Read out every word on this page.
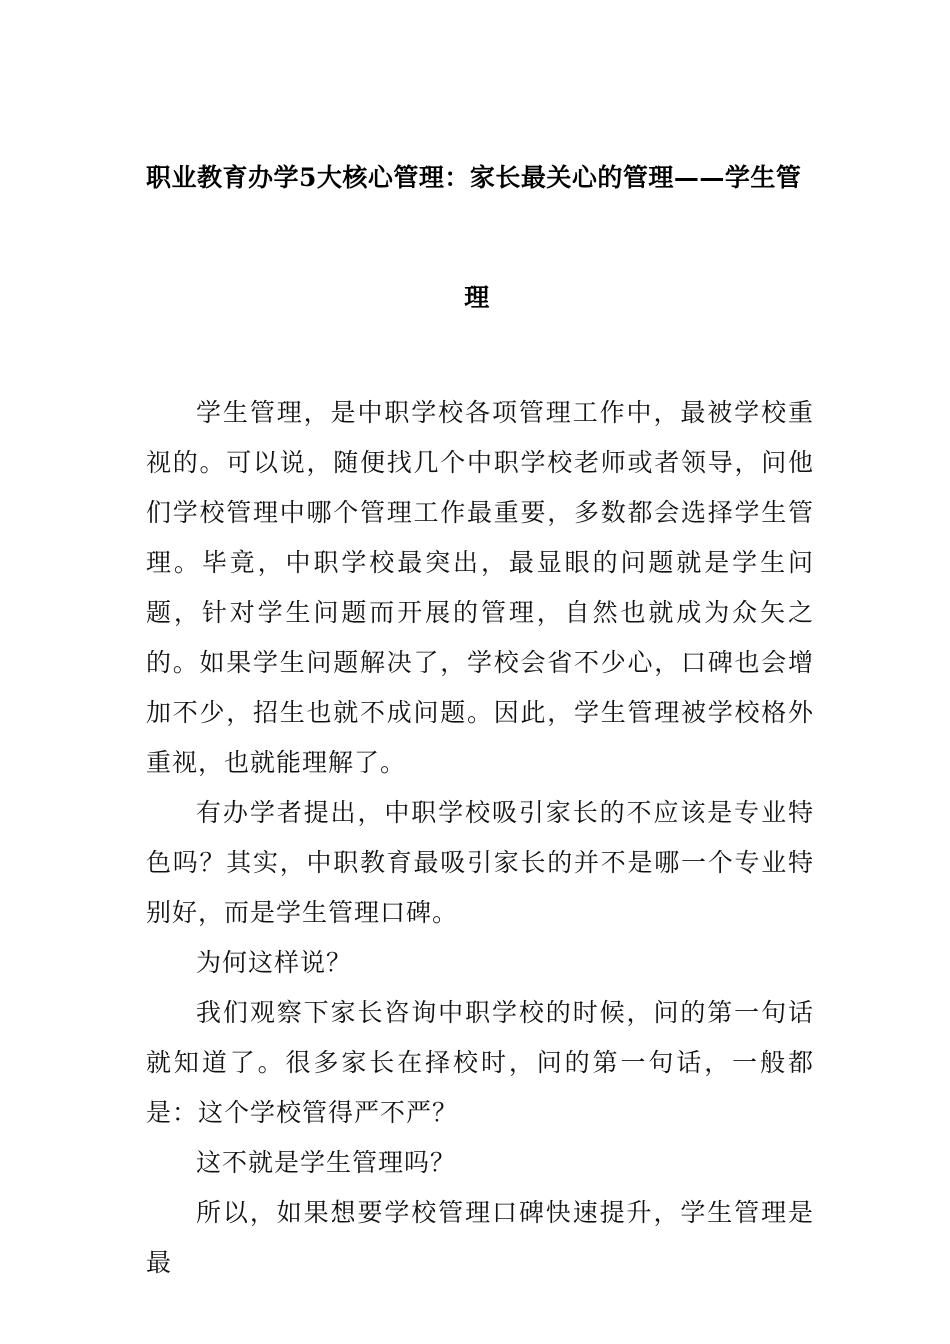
职业教育办学5大核心管理：家长最关心的管理——学生管
理

学生管理，是中职学校各项管理工作中，最被学校重视的。可以说，随便找几个中职学校老师或者领导，问他们学校管理中哪个管理工作最重要，多数都会选择学生管理。毕竟，中职学校最突出，最显眼的问题就是学生问题，针对学生问题而开展的管理，自然也就成为众矢之的。如果学生问题解决了，学校会省不少心，口碑也会增加不少，招生也就不成问题。因此，学生管理被学校格外重视，也就能理解了。

有办学者提出，中职学校吸引家长的不应该是专业特色吗？其实，中职教育最吸引家长的并不是哪一个专业特别好，而是学生管理口碑。

为何这样说？

我们观察下家长咨询中职学校的时候，问的第一句话就知道了。很多家长在择校时，问的第一句话，一般都是：这个学校管得严不严？

这不就是学生管理吗？

所以，如果想要学校管理口碑快速提升，学生管理是最
